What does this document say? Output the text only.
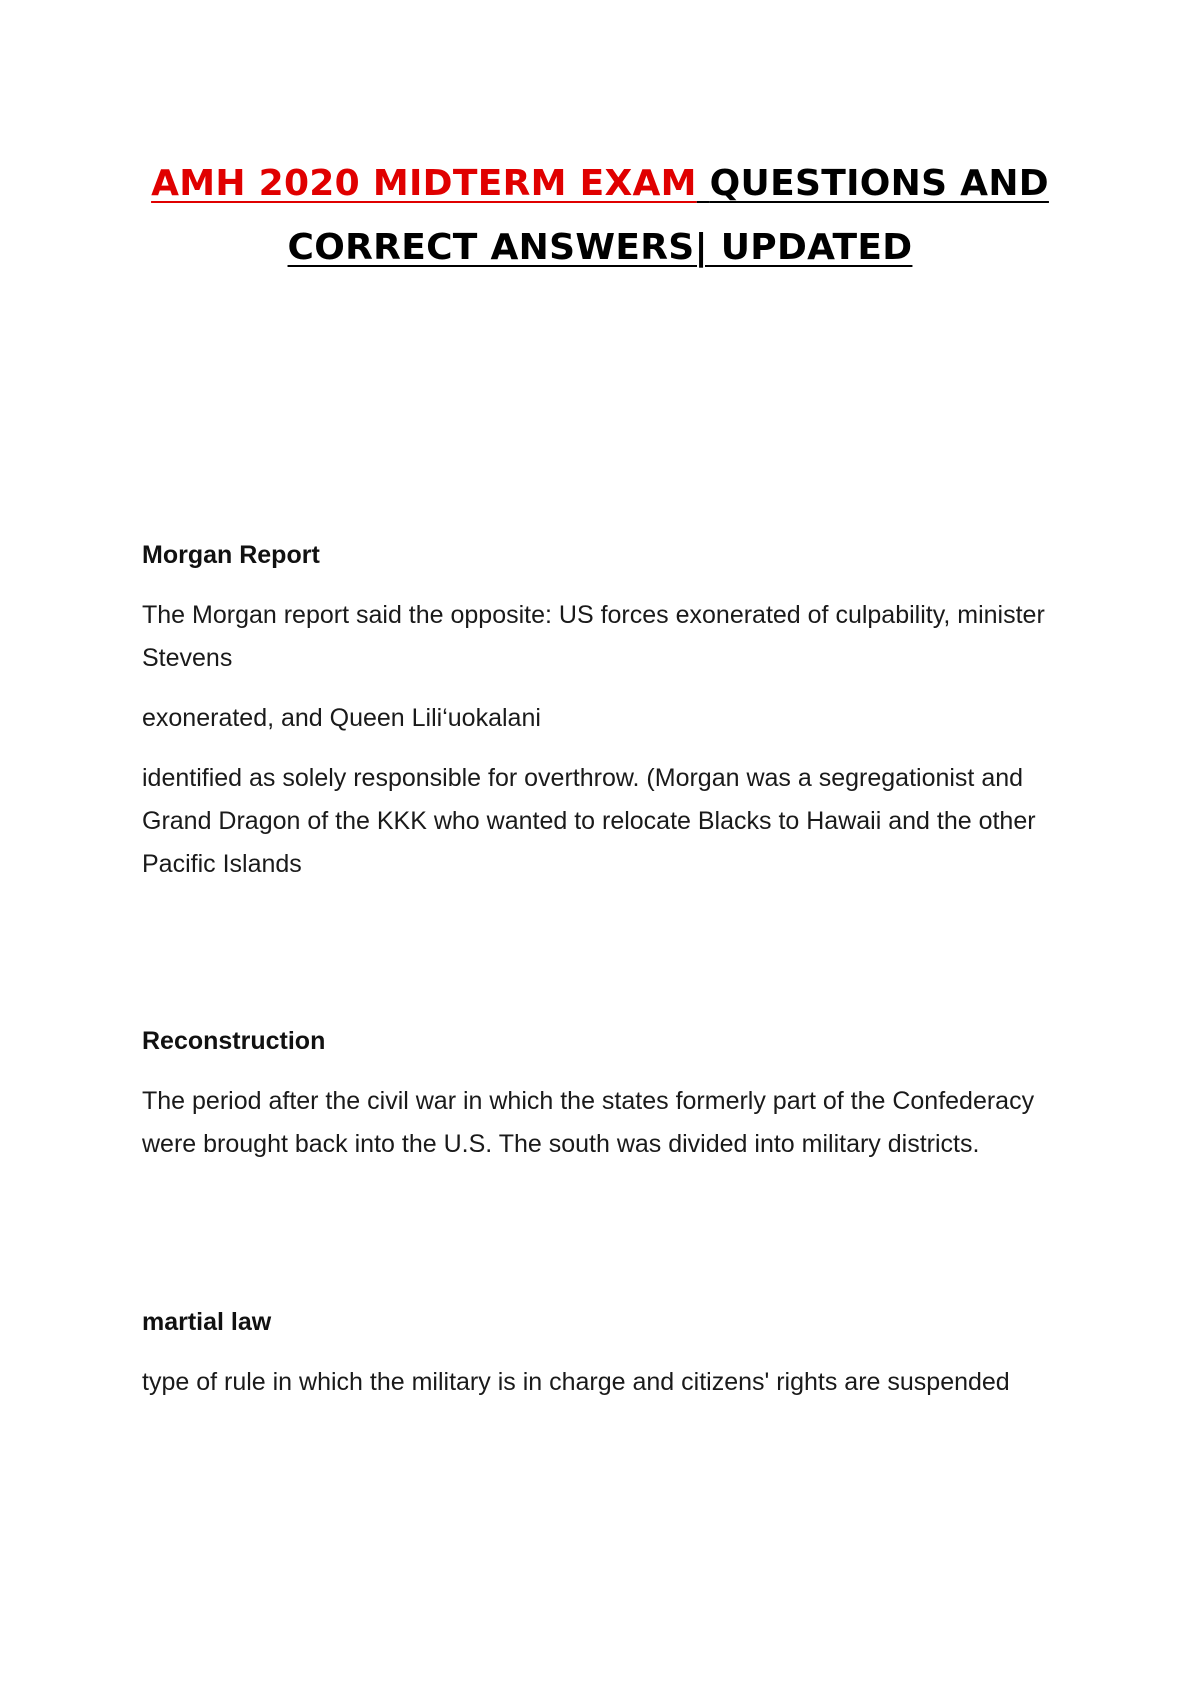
AMH 2020 MIDTERM EXAM QUESTIONS AND
CORRECT ANSWERS| UPDATED

Morgan Report

The Morgan report said the opposite: US forces exonerated of culpability, minister Stevens

exonerated, and Queen Lili‘uokalani

identified as solely responsible for overthrow. (Morgan was a segregationist and Grand Dragon of the KKK who wanted to relocate Blacks to Hawaii and the other Pacific Islands

Reconstruction

The period after the civil war in which the states formerly part of the Confederacy were brought back into the U.S. The south was divided into military districts.

martial law

type of rule in which the military is in charge and citizens' rights are suspended
